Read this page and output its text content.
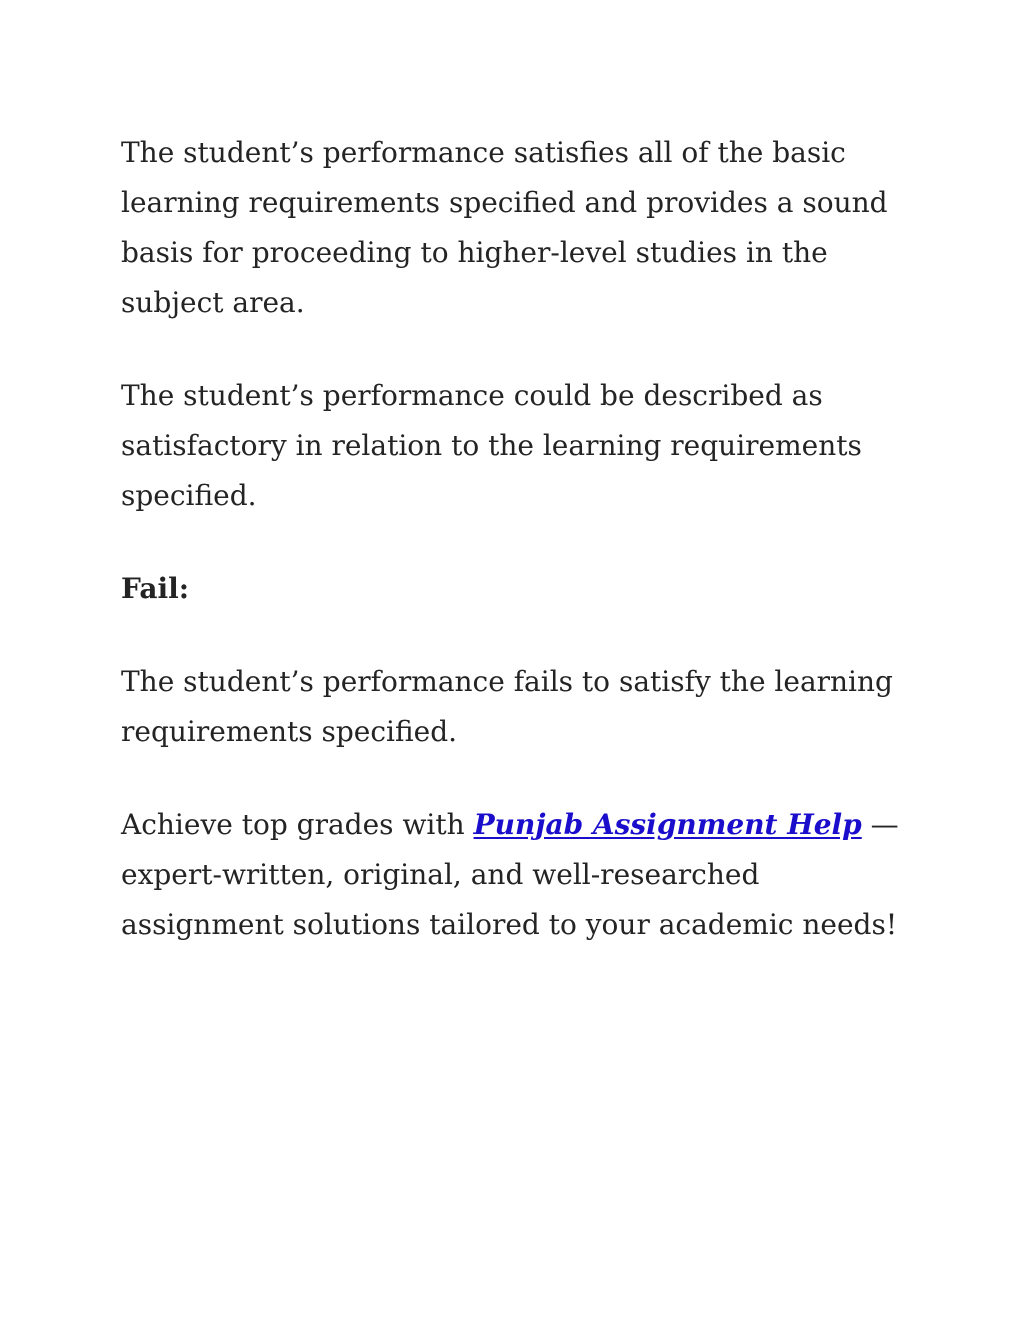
The student’s performance satisfies all of the basic learning requirements specified and provides a sound basis for proceeding to higher-level studies in the subject area.

The student’s performance could be described as satisfactory in relation to the learning requirements specified.

Fail:

The student’s performance fails to satisfy the learning requirements specified.

Achieve top grades with Punjab Assignment Help — expert-written, original, and well-researched assignment solutions tailored to your academic needs!
